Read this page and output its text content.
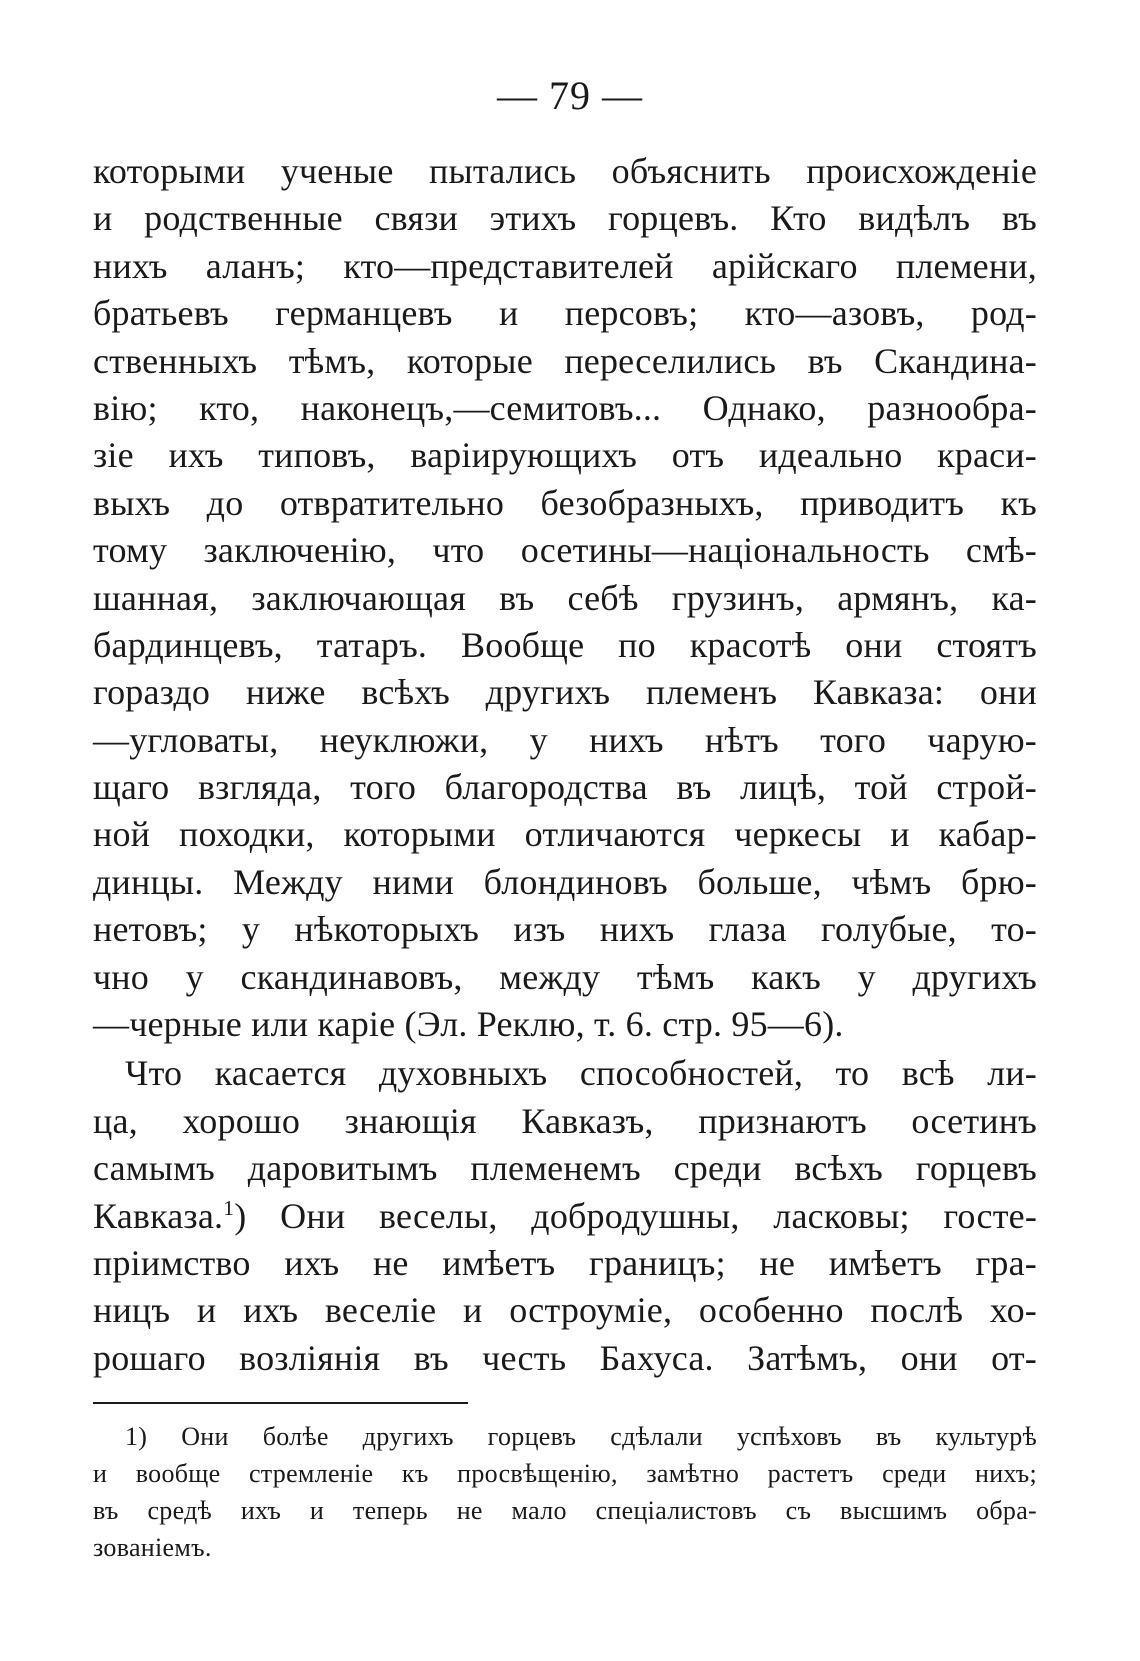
— 79 —
которыми ученые пытались объяснить происхожденіе
и родственные связи этихъ горцевъ. Кто видѣлъ въ
нихъ аланъ; кто—представителей арійскаго племени,
братьевъ германцевъ и персовъ; кто—азовъ, род-
ственныхъ тѣмъ, которые переселились въ Скандина-
вію; кто, наконецъ,—семитовъ... Однако, разнообра-
зіе ихъ типовъ, варіирующихъ отъ идеально краси-
выхъ до отвратительно безобразныхъ, приводитъ къ
тому заключенію, что осетины—національность смѣ-
шанная, заключающая въ себѣ грузинъ, армянъ, ка-
бардинцевъ, татаръ. Вообще по красотѣ они стоятъ
гораздо ниже всѣхъ другихъ племенъ Кавказа: они
—угловаты, неуклюжи, у нихъ нѣтъ того чарую-
щаго взгляда, того благородства въ лицѣ, той строй-
ной походки, которыми отличаются черкесы и кабар-
динцы. Между ними блондиновъ больше, чѣмъ брю-
нетовъ; у нѣкоторыхъ изъ нихъ глаза голубые, то-
чно у скандинавовъ, между тѣмъ какъ у другихъ
—черные или каріе (Эл. Реклю, т. 6. стр. 95—6).
Что касается духовныхъ способностей, то всѣ ли-
ца, хорошо знающія Кавказъ, признаютъ осетинъ
самымъ даровитымъ племенемъ среди всѣхъ горцевъ
Кавказа.$^1$) Они веселы, добродушны, ласковы; госте-
пріимство ихъ не имѣетъ границъ; не имѣетъ гра-
ницъ и ихъ веселіе и остроуміе, особенно послѣ хо-
рошаго возліянія въ честь Бахуса. Затѣмъ, они от-
1) Они болѣе другихъ горцевъ сдѣлали успѣховъ въ культурѣ
и вообще стремленіе къ просвѣщенію, замѣтно растетъ среди нихъ;
въ средѣ ихъ и теперь не мало спеціалистовъ съ высшимъ обра-
зованіемъ.
